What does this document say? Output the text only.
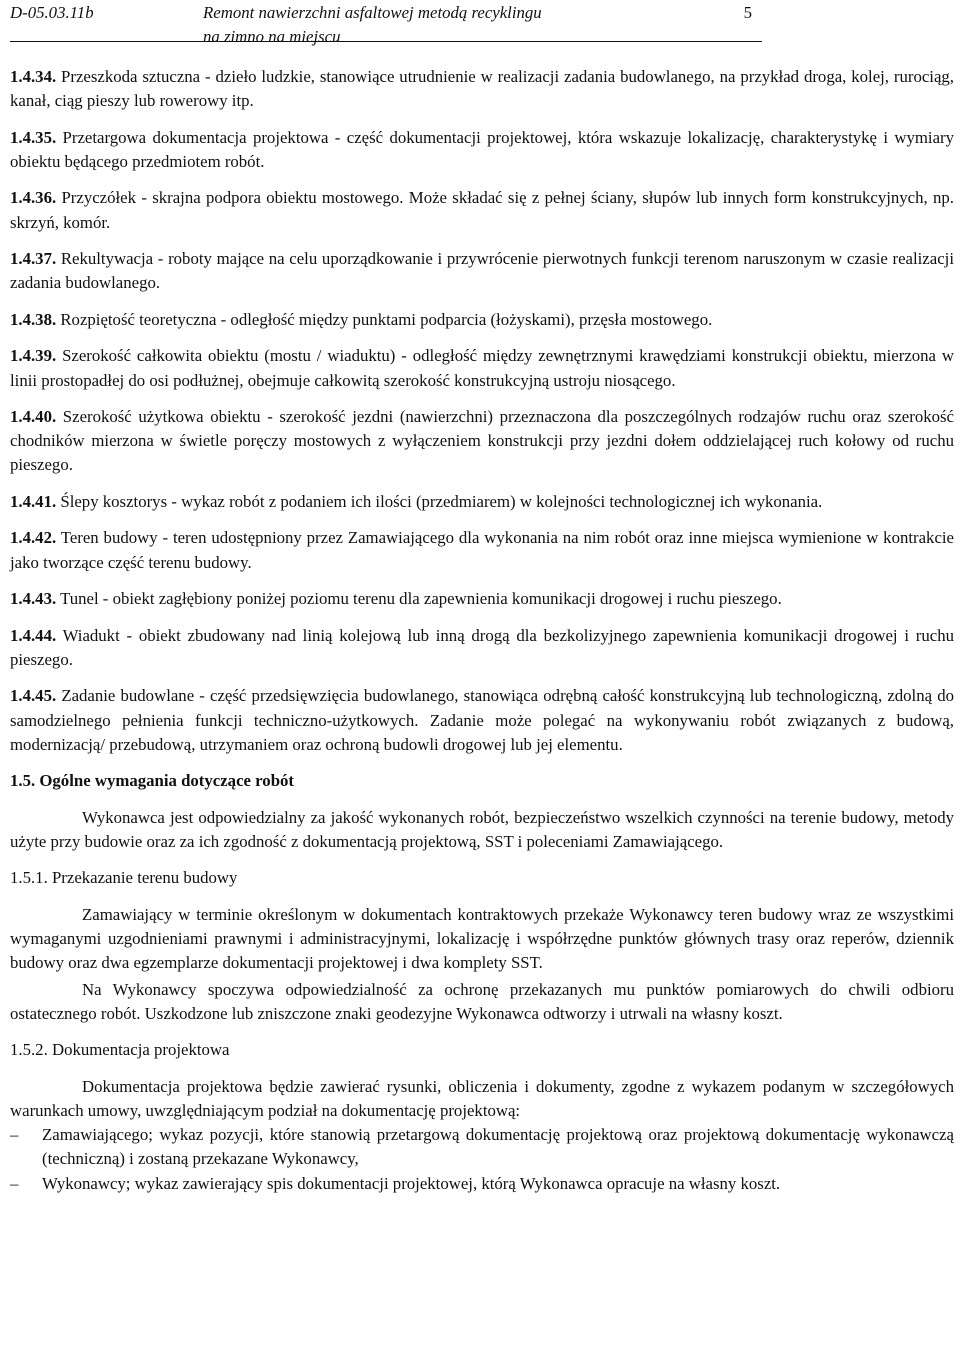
D-05.03.11b	Remont nawierzchni asfaltowej metodą recyklingu
na zimno na miejscu
5

1.4.34. Przeszkoda sztuczna - dzieło ludzkie, stanowiące utrudnienie w realizacji zadania budowlanego, na przykład droga, kolej, rurociąg, kanał, ciąg pieszy lub rowerowy itp.

1.4.35. Przetargowa dokumentacja projektowa - część dokumentacji projektowej, która wskazuje lokalizację, charakterystykę i wymiary obiektu będącego przedmiotem robót.

1.4.36. Przyczółek - skrajna podpora obiektu mostowego. Może składać się z pełnej ściany, słupów lub innych form konstrukcyjnych, np. skrzyń, komór.

1.4.37. Rekultywacja - roboty mające na celu uporządkowanie i przywrócenie pierwotnych funkcji terenom naruszonym w czasie realizacji zadania budowlanego.

1.4.38. Rozpiętość teoretyczna - odległość między punktami podparcia (łożyskami), przęsła mostowego.

1.4.39. Szerokość całkowita obiektu (mostu / wiaduktu) - odległość między zewnętrznymi krawędziami konstrukcji obiektu, mierzona w linii prostopadłej do osi podłużnej, obejmuje całkowitą szerokość konstrukcyjną ustroju niosącego.

1.4.40. Szerokość użytkowa obiektu - szerokość jezdni (nawierzchni) przeznaczona dla poszczególnych rodzajów ruchu oraz szerokość chodników mierzona w świetle poręczy mostowych z wyłączeniem konstrukcji przy jezdni dołem oddzielającej ruch kołowy od ruchu pieszego.

1.4.41. Ślepy kosztorys - wykaz robót z podaniem ich ilości (przedmiarem) w kolejności technologicznej ich wykonania.

1.4.42. Teren budowy - teren udostępniony przez Zamawiającego dla wykonania na nim robót oraz inne miejsca wymienione w kontrakcie jako tworzące część terenu budowy.

1.4.43. Tunel - obiekt zagłębiony poniżej poziomu terenu dla zapewnienia komunikacji drogowej i ruchu pieszego.

1.4.44. Wiadukt - obiekt zbudowany nad linią kolejową lub inną drogą dla bezkolizyjnego zapewnienia komunikacji drogowej i ruchu pieszego.

1.4.45. Zadanie budowlane - część przedsięwzięcia budowlanego, stanowiąca odrębną całość konstrukcyjną lub technologiczną, zdolną do samodzielnego pełnienia funkcji techniczno-użytkowych. Zadanie może polegać na wykonywaniu robót związanych z budową, modernizacją/ przebudową, utrzymaniem oraz ochroną budowli drogowej lub jej elementu.

1.5. Ogólne wymagania dotyczące robót

Wykonawca jest odpowiedzialny za jakość wykonanych robót, bezpieczeństwo wszelkich czynności na terenie budowy, metody użyte przy budowie oraz za ich zgodność z dokumentacją projektową, SST i poleceniami Zamawiającego.

1.5.1. Przekazanie terenu budowy

Zamawiający w terminie określonym w dokumentach kontraktowych przekaże Wykonawcy teren budowy wraz ze wszystkimi wymaganymi uzgodnieniami prawnymi i administracyjnymi, lokalizację i współrzędne punktów głównych trasy oraz reperów, dziennik budowy oraz dwa egzemplarze dokumentacji projektowej i dwa komplety SST.

Na Wykonawcy spoczywa odpowiedzialność za ochronę przekazanych mu punktów pomiarowych do chwili odbioru ostatecznego robót. Uszkodzone lub zniszczone znaki geodezyjne Wykonawca odtworzy i utrwali na własny koszt.

1.5.2. Dokumentacja projektowa

Dokumentacja projektowa będzie zawierać rysunki, obliczenia i dokumenty, zgodne z wykazem podanym w szczegółowych warunkach umowy, uwzględniającym podział na dokumentację projektową:

– Zamawiającego; wykaz pozycji, które stanowią przetargową dokumentację projektową oraz projektową dokumentację wykonawczą (techniczną) i zostaną przekazane Wykonawcy,

– Wykonawcy; wykaz zawierający spis dokumentacji projektowej, którą Wykonawca opracuje na własny koszt.
